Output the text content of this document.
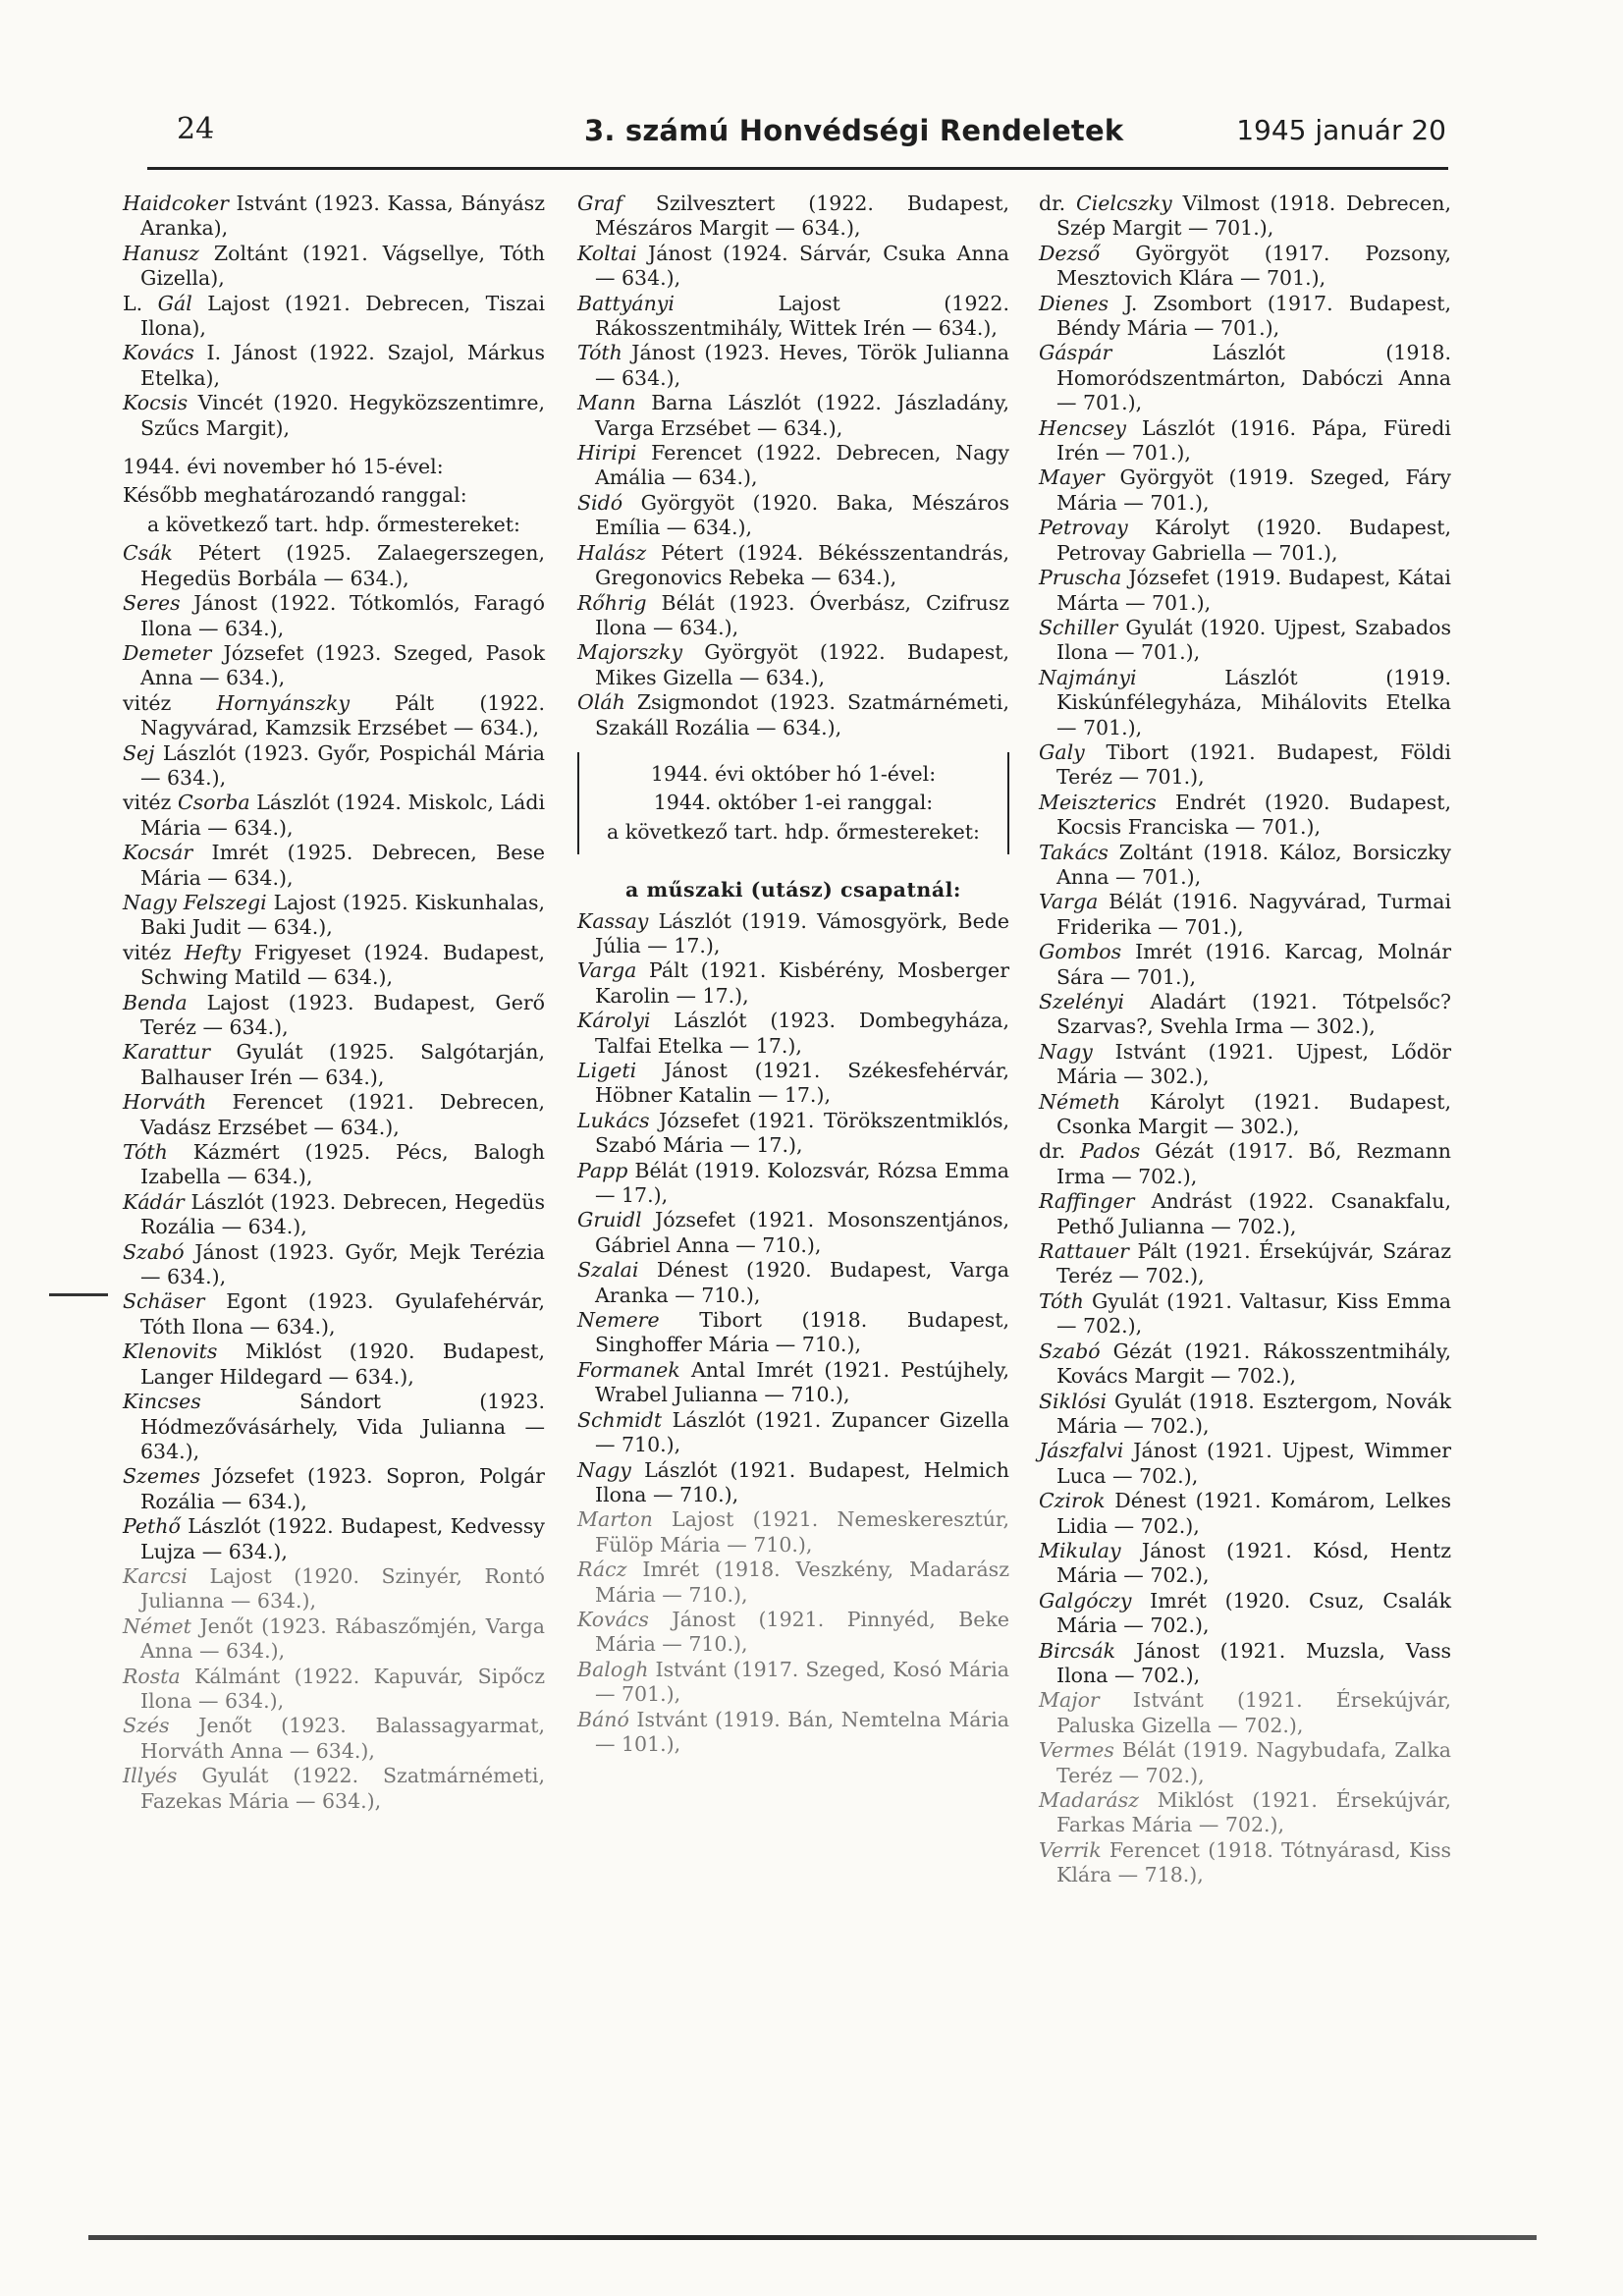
24	3. számú Honvédségi Rendeletek	1945 január 20

Haidcoker Istvánt (1923. Kassa, Bányász Aranka),

Hanusz Zoltánt (1921. Vágsellye, Tóth Gizella),

L. Gál Lajost (1921. Debrecen, Tiszai Ilona),

Kovács I. Jánost (1922. Szajol, Márkus Etelka),

Kocsis Vincét (1920. Hegyközszentimre, Szűcs Margit),

1944. évi november hó 15-ével:

Később meghatározandó ranggal:

a következő tart. hdp. őrmestereket:

Csák Pétert (1925. Zalaegerszegen, Hegedüs Borbála — 634.),

Seres Jánost (1922. Tótkomlós, Faragó Ilona — 634.),

Demeter Józsefet (1923. Szeged, Pasok Anna — 634.),

vitéz Hornyánszky Pált (1922. Nagyvárad, Kamzsik Erzsébet — 634.),

Sej Lászlót (1923. Győr, Pospichál Mária — 634.),

vitéz Csorba Lászlót (1924. Miskolc, Ládi Mária — 634.),

Kocsár Imrét (1925. Debrecen, Bese Mária — 634.),

Nagy Felszegi Lajost (1925. Kiskunhalas, Baki Judit — 634.),

vitéz Hefty Frigyeset (1924. Budapest, Schwing Matild — 634.),

Benda Lajost (1923. Budapest, Gerő Teréz — 634.),

Karattur Gyulát (1925. Salgótarján, Balhauser Irén — 634.),

Horváth Ferencet (1921. Debrecen, Vadász Erzsébet — 634.),

Tóth Kázmért (1925. Pécs, Balogh Izabella — 634.),

Kádár Lászlót (1923. Debrecen, Hegedüs Rozália — 634.),

Szabó Jánost (1923. Győr, Mejk Terézia — 634.),

Schäser Egont (1923. Gyulafehérvár, Tóth Ilona — 634.),

Klenovits Miklóst (1920. Budapest, Langer Hildegard — 634.),

Kincses Sándort (1923. Hódmezővásárhely, Vida Julianna — 634.),

Szemes Józsefet (1923. Sopron, Polgár Rozália — 634.),

Pethő Lászlót (1922. Budapest, Kedvessy Lujza — 634.),

Karcsi Lajost (1920. Szinyér, Rontó Julianna — 634.),

Német Jenőt (1923. Rábaszőmjén, Varga Anna — 634.),

Rosta Kálmánt (1922. Kapuvár, Sipőcz Ilona — 634.),

Szés Jenőt (1923. Balassagyarmat, Horváth Anna — 634.),

Illyés Gyulát (1922. Szatmárnémeti, Fazekas Mária — 634.),

Graf Szilvesztert (1922. Budapest, Mészáros Margit — 634.),

Koltai Jánost (1924. Sárvár, Csuka Anna — 634.),

Battyányi Lajost (1922. Rákosszentmihály, Wittek Irén — 634.),

Tóth Jánost (1923. Heves, Török Julianna — 634.),

Mann Barna Lászlót (1922. Jászladány, Varga Erzsébet — 634.),

Hiripi Ferencet (1922. Debrecen, Nagy Amália — 634.),

Sidó Györgyöt (1920. Baka, Mészáros Emília — 634.),

Halász Pétert (1924. Békésszentandrás, Gregonovics Rebeka — 634.),

Rőhrig Bélát (1923. Óverbász, Czifrusz Ilona — 634.),

Majorszky Györgyöt (1922. Budapest, Mikes Gizella — 634.),

Oláh Zsigmondot (1923. Szatmárnémeti, Szakáll Rozália — 634.),

1944. évi október hó 1-ével:

1944. október 1-ei ranggal:

a következő tart. hdp. őrmestereket:

a műszaki (utász) csapatnál:

Kassay Lászlót (1919. Vámosgyörk, Bede Júlia — 17.),

Varga Pált (1921. Kisbérény, Mosberger Karolin — 17.),

Károlyi Lászlót (1923. Dombegyháza, Talfai Etelka — 17.),

Ligeti Jánost (1921. Székesfehérvár, Höbner Katalin — 17.),

Lukács Józsefet (1921. Törökszentmiklós, Szabó Mária — 17.),

Papp Bélát (1919. Kolozsvár, Rózsa Emma — 17.),

Gruidl Józsefet (1921. Mosonszentjános, Gábriel Anna — 710.),

Szalai Dénest (1920. Budapest, Varga Aranka — 710.),

Nemere Tibort (1918. Budapest, Singhoffer Mária — 710.),

Formanek Antal Imrét (1921. Pestújhely, Wrabel Julianna — 710.),

Schmidt Lászlót (1921. Zupancer Gizella — 710.),

Nagy Lászlót (1921. Budapest, Helmich Ilona — 710.),

Marton Lajost (1921. Nemeskeresztúr, Fülöp Mária — 710.),

Rácz Imrét (1918. Veszkény, Madarász Mária — 710.),

Kovács Jánost (1921. Pinnyéd, Beke Mária — 710.),

Balogh Istvánt (1917. Szeged, Kosó Mária — 701.),

Bánó Istvánt (1919. Bán, Nemtelna Mária — 101.),

dr. Cielcszky Vilmost (1918. Debrecen, Szép Margit — 701.),

Dezső Györgyöt (1917. Pozsony, Mesztovich Klára — 701.),

Dienes J. Zsombort (1917. Budapest, Béndy Mária — 701.),

Gáspár Lászlót (1918. Homoródszentmárton, Dabóczi Anna — 701.),

Hencsey Lászlót (1916. Pápa, Füredi Irén — 701.),

Mayer Györgyöt (1919. Szeged, Fáry Mária — 701.),

Petrovay Károlyt (1920. Budapest, Petrovay Gabriella — 701.),

Pruscha Józsefet (1919. Budapest, Kátai Márta — 701.),

Schiller Gyulát (1920. Ujpest, Szabados Ilona — 701.),

Najmányi Lászlót (1919. Kiskúnfélegyháza, Mihálovits Etelka — 701.),

Galy Tibort (1921. Budapest, Földi Teréz — 701.),

Meiszterics Endrét (1920. Budapest, Kocsis Franciska — 701.),

Takács Zoltánt (1918. Káloz, Borsiczky Anna — 701.),

Varga Bélát (1916. Nagyvárad, Turmai Friderika — 701.),

Gombos Imrét (1916. Karcag, Molnár Sára — 701.),

Szelényi Aladárt (1921. Tótpelsőc? Szarvas?, Svehla Irma — 302.),

Nagy Istvánt (1921. Ujpest, Lődör Mária — 302.),

Németh Károlyt (1921. Budapest, Csonka Margit — 302.),

dr. Pados Gézát (1917. Bő, Rezmann Irma — 702.),

Raffinger Andrást (1922. Csanakfalu, Pethő Julianna — 702.),

Rattauer Pált (1921. Érsekújvár, Száraz Teréz — 702.),

Tóth Gyulát (1921. Valtasur, Kiss Emma — 702.),

Szabó Gézát (1921. Rákosszentmihály, Kovács Margit — 702.),

Siklósi Gyulát (1918. Esztergom, Novák Mária — 702.),

Jászfalvi Jánost (1921. Ujpest, Wimmer Luca — 702.),

Czirok Dénest (1921. Komárom, Lelkes Lidia — 702.),

Mikulay Jánost (1921. Kósd, Hentz Mária — 702.),

Galgóczy Imrét (1920. Csuz, Csalák Mária — 702.),

Bircsák Jánost (1921. Muzsla, Vass Ilona — 702.),

Major Istvánt (1921. Érsekújvár, Paluska Gizella — 702.),

Vermes Bélát (1919. Nagybudafa, Zalka Teréz — 702.),

Madarász Miklóst (1921. Érsekújvár, Farkas Mária — 702.),

Verrik Ferencet (1918. Tótnyárasd, Kiss Klára — 718.),
